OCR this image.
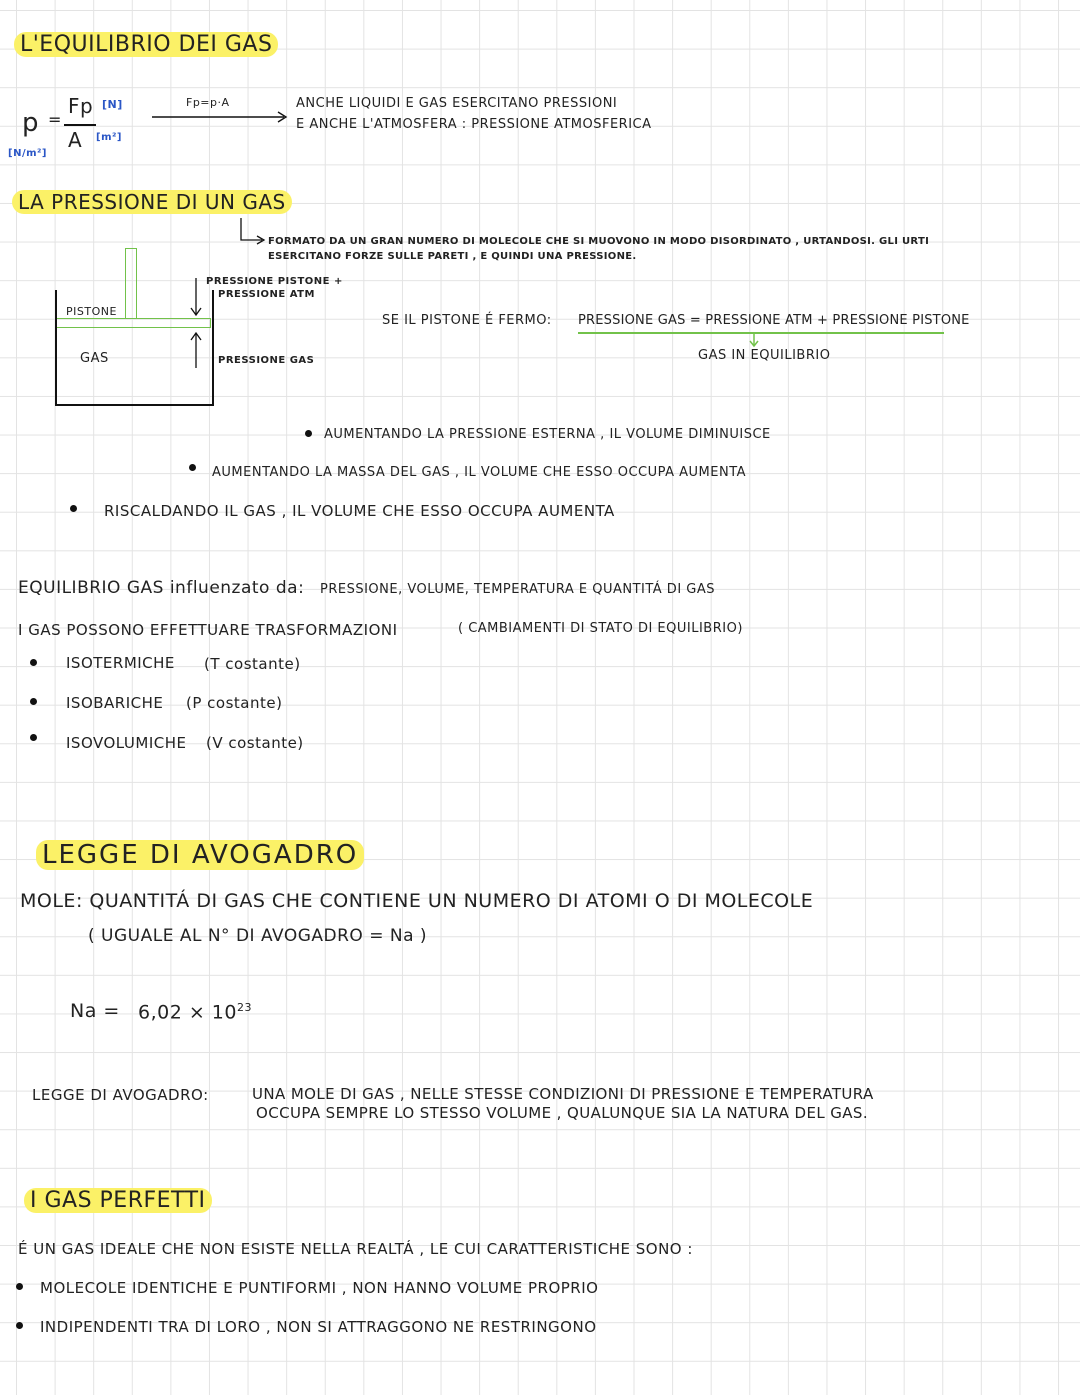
L'EQUILIBRIO DEI GAS
p =
Fp [N]
A [m²]
[N/m²]
Fp=p·A	ANCHE LIQUIDI E GAS ESERCITANO PRESSIONI
E ANCHE L'ATMOSFERA : PRESSIONE ATMOSFERICA
LA PRESSIONE DI UN GAS
FORMATO DA UN GRAN NUMERO DI MOLECOLE CHE SI MUOVONO IN MODO DISORDINATO , URTANDOSI. GLI URTI
ESERCITANO FORZE SULLE PARETI , E QUINDI UNA PRESSIONE.
PISTONE
GAS
PRESSIONE PISTONE +
PRESSIONE ATM
PRESSIONE GAS
SE IL PISTONE É FERMO: PRESSIONE GAS = PRESSIONE ATM + PRESSIONE PISTONE
GAS IN EQUILIBRIO
AUMENTANDO LA PRESSIONE ESTERNA , IL VOLUME DIMINUISCE
AUMENTANDO LA MASSA DEL GAS , IL VOLUME CHE ESSO OCCUPA AUMENTA
RISCALDANDO IL GAS , IL VOLUME CHE ESSO OCCUPA AUMENTA
EQUILIBRIO GAS influenzato da: PRESSIONE, VOLUME, TEMPERATURA E QUANTITÁ DI GAS
I GAS POSSONO EFFETTUARE TRASFORMAZIONI	( CAMBIAMENTI DI STATO DI EQUILIBRIO)
ISOTERMICHE (T costante)
ISOBARICHE (P costante)
ISOVOLUMICHE (V costante)
LEGGE DI AVOGADRO
MOLE: QUANTITÁ DI GAS CHE CONTIENE UN NUMERO DI ATOMI O DI MOLECOLE
( UGUALE AL N° DI AVOGADRO = Na )
$Na = 6,02 \times 10^{23}$
LEGGE DI AVOGADRO:	UNA MOLE DI GAS , NELLE STESSE CONDIZIONI DI PRESSIONE E TEMPERATURA
OCCUPA SEMPRE LO STESSO VOLUME , QUALUNQUE SIA LA NATURA DEL GAS.
I GAS PERFETTI
É UN GAS IDEALE CHE NON ESISTE NELLA REALTÁ , LE CUI CARATTERISTICHE SONO :
MOLECOLE IDENTICHE E PUNTIFORMI , NON HANNO VOLUME PROPRIO
INDIPENDENTI TRA DI LORO , NON SI ATTRAGGONO NE RESTRINGONO
